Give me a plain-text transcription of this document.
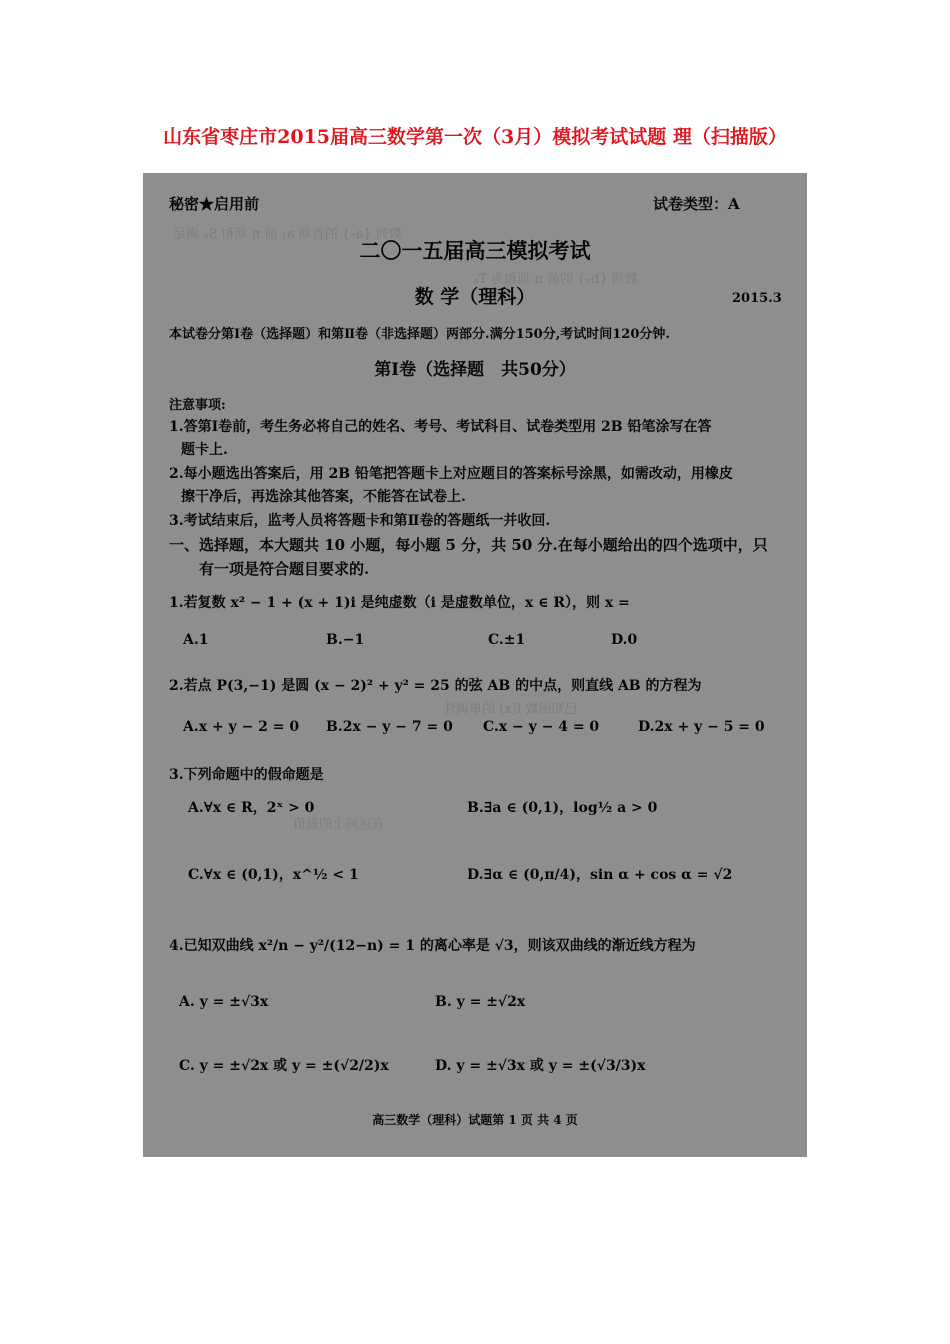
山东省枣庄市2015届高三数学第一次（3月）模拟考试试题 理（扫描版）
数列 {aₙ} 的首项 a₁ 前 n 项和 Sₙ 满足
数列 {bₙ} 的前 n 项和为 Tₙ
已知函数 f(x) 的单调性
在区间上的最值
秘密★启用前	试卷类型：A
二〇一五届高三模拟考试
数 学（理科）	2015.3
本试卷分第Ⅰ卷（选择题）和第Ⅱ卷（非选择题）两部分.满分150分,考试时间120分钟.
第Ⅰ卷（选择题　共50分）
注意事项:
1.答第Ⅰ卷前，考生务必将自己的姓名、考号、考试科目、试卷类型用 2B 铅笔涂写在答
题卡上.
2.每小题选出答案后，用 2B 铅笔把答题卡上对应题目的答案标号涂黑，如需改动，用橡皮
擦干净后，再选涂其他答案，不能答在试卷上.
3.考试结束后，监考人员将答题卡和第Ⅱ卷的答题纸一并收回.
一、选择题，本大题共 10 小题，每小题 5 分，共 50 分.在每小题给出的四个选项中，只
有一项是符合题目要求的.
1.若复数 x² − 1 + (x + 1)i 是纯虚数（i 是虚数单位，x ∈ R），则 x =
A.1	B.−1	C.±1	D.0
2.若点 P(3,−1) 是圆 (x − 2)² + y² = 25 的弦 AB 的中点，则直线 AB 的方程为
A.x + y − 2 = 0 B.2x − y − 7 = 0 C.x − y − 4 = 0	D.2x + y − 5 = 0
3.下列命题中的假命题是
A.∀x ∈ R，2ˣ > 0	B.∃a ∈ (0,1)，log½ a > 0
C.∀x ∈ (0,1)，x^½ < 1	D.∃α ∈ (0,π/4)，sin α + cos α = √2
4.已知双曲线 x²/n − y²/(12−n) = 1 的离心率是 √3，则该双曲线的渐近线方程为
A. y = ±√3x	B. y = ±√2x
C. y = ±√2x 或 y = ±(√2/2)x	D. y = ±√3x 或 y = ±(√3/3)x
高三数学（理科）试题第 1 页 共 4 页
